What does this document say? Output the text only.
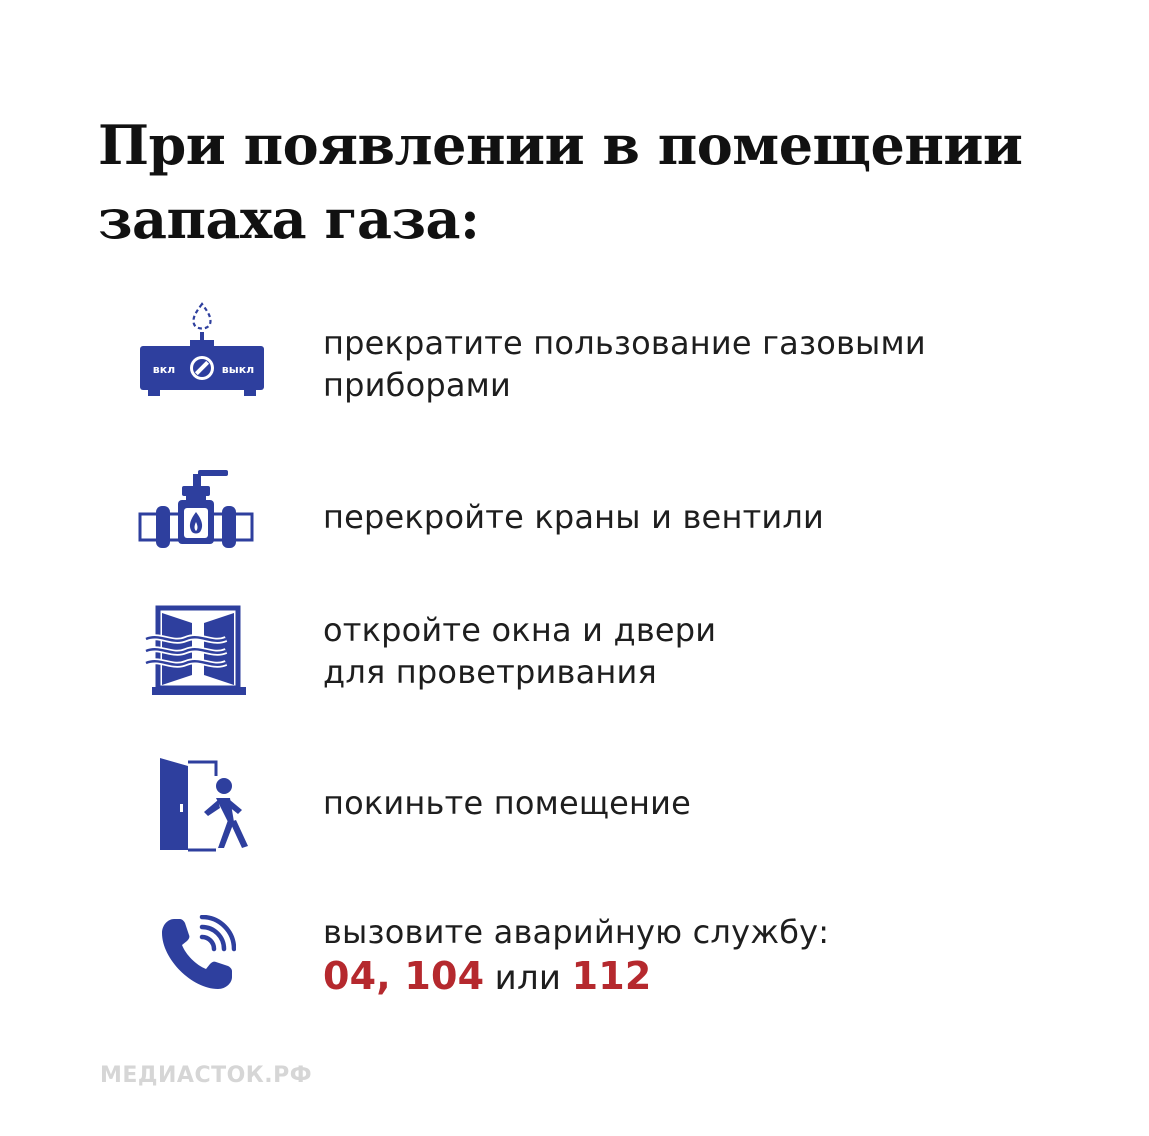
При появлении в помещении
запаха газа:
вкл	выкл
прекратите пользование газовыми
приборами
перекройте краны и вентили
откройте окна и двери
для проветривания
покиньте помещение
вызовите аварийную службу:
04, 104 или 112
МЕДИАСТОК.РФ
